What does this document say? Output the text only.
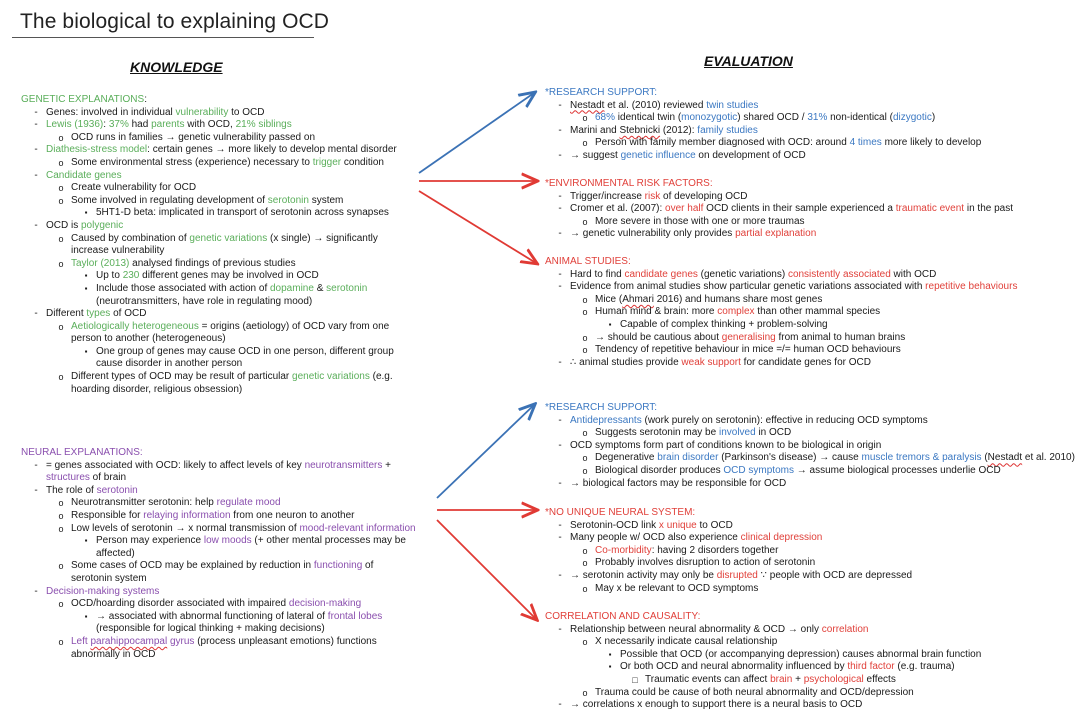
The biological to explaining OCD
KNOWLEDGE	EVALUATION
GENETIC EXPLANATIONS:
- Genes: involved in individual vulnerability to OCD
- Lewis (1936): 37% had parents with OCD, 21% siblings
o OCD runs in families → genetic vulnerability passed on
- Diathesis-stress model: certain genes → more likely to develop mental disorder
o Some environmental stress (experience) necessary to trigger condition
- Candidate genes
o Create vulnerability for OCD
o Some involved in regulating development of serotonin system
▪ 5HT1-D beta: implicated in transport of serotonin across synapses
- OCD is polygenic
o Caused by combination of genetic variations (x single) → significantly increase vulnerability
o Taylor (2013) analysed findings of previous studies
▪ Up to 230 different genes may be involved in OCD
▪ Include those associated with action of dopamine & serotonin (neurotransmitters, have role in regulating mood)
- Different types of OCD
o Aetiologically heterogeneous = origins (aetiology) of OCD vary from one person to another (heterogeneous)
▪ One group of genes may cause OCD in one person, different group cause disorder in another person
o Different types of OCD may be result of particular genetic variations (e.g. hoarding disorder, religious obsession)
NEURAL EXPLANATIONS:
- = genes associated with OCD: likely to affect levels of key neurotransmitters + structures of brain
- The role of serotonin
o Neurotransmitter serotonin: help regulate mood
o Responsible for relaying information from one neuron to another
o Low levels of serotonin → x normal transmission of mood-relevant information
▪ Person may experience low moods (+ other mental processes may be affected)
o Some cases of OCD may be explained by reduction in functioning of serotonin system
- Decision-making systems
o OCD/hoarding disorder associated with impaired decision-making
▪ → associated with abnormal functioning of lateral of frontal lobes (responsible for logical thinking + making decisions)
o Left parahippocampal gyrus (process unpleasant emotions) functions abnormally in OCD
*RESEARCH SUPPORT:
- Nestadt et al. (2010) reviewed twin studies
o 68% identical twin (monozygotic) shared OCD / 31% non-identical (dizygotic)
- Marini and Stebnicki (2012): family studies
o Person with family member diagnosed with OCD: around 4 times more likely to develop
- → suggest genetic influence on development of OCD
*ENVIRONMENTAL RISK FACTORS:
- Trigger/increase risk of developing OCD
- Cromer et al. (2007): over half OCD clients in their sample experienced a traumatic event in the past
o More severe in those with one or more traumas
- → genetic vulnerability only provides partial explanation
ANIMAL STUDIES:
- Hard to find candidate genes (genetic variations) consistently associated with OCD
- Evidence from animal studies show particular genetic variations associated with repetitive behaviours
o Mice (Ahmari 2016) and humans share most genes
o Human mind & brain: more complex than other mammal species
▪ Capable of complex thinking + problem-solving
o → should be cautious about generalising from animal to human brains
o Tendency of repetitive behaviour in mice =/= human OCD behaviours
- ∴ animal studies provide weak support for candidate genes for OCD
*RESEARCH SUPPORT:
- Antidepressants (work purely on serotonin): effective in reducing OCD symptoms
o Suggests serotonin may be involved in OCD
- OCD symptoms form part of conditions known to be biological in origin
o Degenerative brain disorder (Parkinson's disease) → cause muscle tremors & paralysis (Nestadt et al. 2010)
o Biological disorder produces OCD symptoms → assume biological processes underlie OCD
- → biological factors may be responsible for OCD
*NO UNIQUE NEURAL SYSTEM:
- Serotonin-OCD link x unique to OCD
- Many people w/ OCD also experience clinical depression
o Co-morbidity: having 2 disorders together
o Probably involves disruption to action of serotonin
- → serotonin activity may only be disrupted ∵ people with OCD are depressed
o May x be relevant to OCD symptoms
CORRELATION AND CAUSALITY:
- Relationship between neural abnormality & OCD → only correlation
o X necessarily indicate causal relationship
▪ Possible that OCD (or accompanying depression) causes abnormal brain function
▪ Or both OCD and neural abnormality influenced by third factor (e.g. trauma)
□ Traumatic events can affect brain + psychological effects
o Trauma could be cause of both neural abnormality and OCD/depression
- → correlations x enough to support there is a neural basis to OCD
